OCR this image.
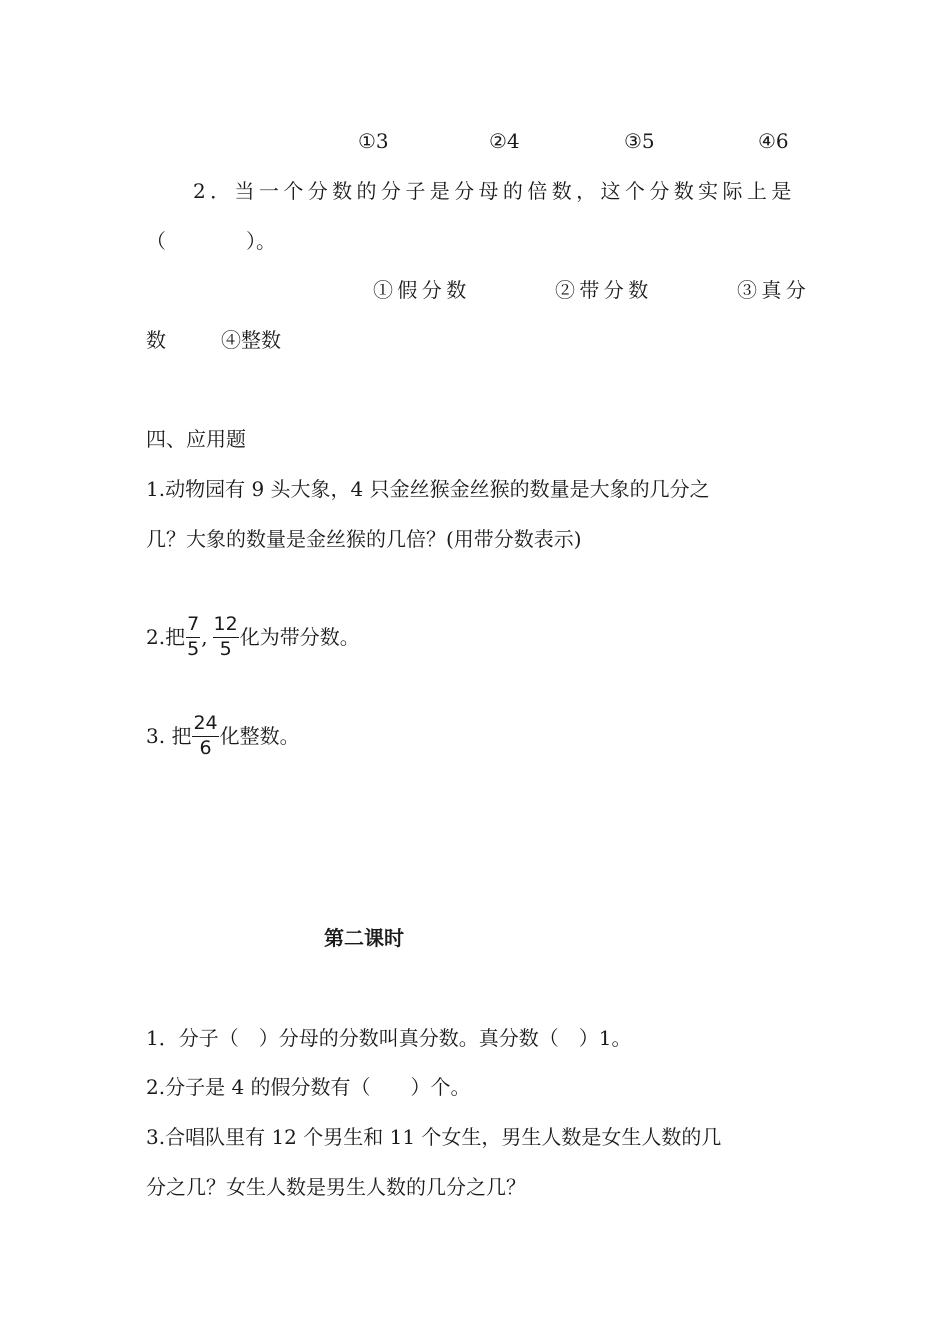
①3	②4	③5	④6
2．当一个分数的分子是分母的倍数，这个分数实际上是
（　　　　）。
①假分数	②带分数	③真分
数	④整数
四、应用题
1.动物园有 9 头大象，4 只金丝猴金丝猴的数量是大象的几分之
几？大象的数量是金丝猴的几倍？(用带分数表示)
2.把 $\frac{7}{5}$ , $\frac{12}{5}$ 化为带分数。
3. 把 $\frac{24}{6}$ 化整数。
第二课时
1．分子（　）分母的分数叫真分数。真分数（　）1。
2.分子是 4 的假分数有（　　）个。
3.合唱队里有 12 个男生和 11 个女生，男生人数是女生人数的几
分之几？女生人数是男生人数的几分之几？
